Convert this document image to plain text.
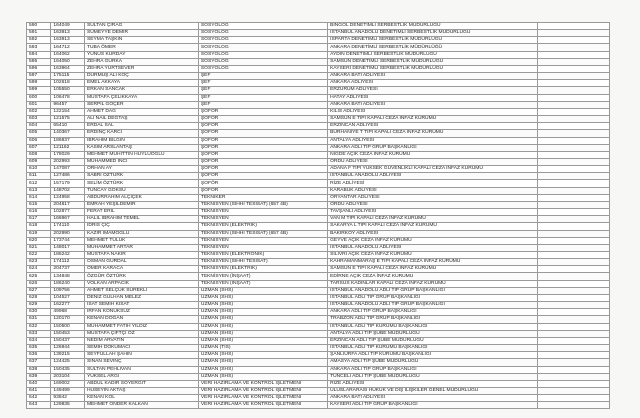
590	164049	SULTAN ÇIRAĞ	SOSYOLOG	BİNGÖL DENETİMLİ SERBESTLİK MÜDÜRLÜĞÜ	
591	163913	SÜMEYYE DEMİR	SOSYOLOG	İSTANBUL ANADOLU DENETİMLİ SERBESTLİK MÜDÜRLÜĞÜ	
592	163913	SEYMA TAŞKIN	SOSYOLOG	ISPARTA DENETİMLİ SERBESTLİK MÜDÜRLÜĞÜ	
593	164712	TUBA ÖMER	SOSYOLOG	ANKARA DENETİMLİ SERBESTLİK MÜDÜRLÜĞÜ	
594	164062	YUNUS KURDAY	SOSYOLOG	AYDIN DENETİMLİ SERBESTLİK MÜDÜRLÜĞÜ	
595	164050	ZEHRA GÜRKA	SOSYOLOG	SAMSUN DENETİMLİ SERBESTLİK MÜDÜRLÜĞÜ	
596	163964	ZEHRA YURTSEVER	SOSYOLOG	KAYSERİ DENETİMLİ SERBESTLİK MÜDÜRLÜĞÜ	
597	175115	DURMUŞ ALİ KOÇ	ŞEF	ANKARA BATI ADLİYESİ	
598	102618	EMEL AKKAYA	ŞEF	ANKARA ADLİYESİ	
599	105550	ERKAN SANCAK	ŞEF	ERZURUM ADLİYESİ	
600	106478	MUSTAFA ÇELİKKAYA	ŞEF	HATAY ADLİYESİ	
601	96457	SERPİL GÖÇER	ŞEF	ANKARA BATI ADLİYESİ	
602	122154	AHMET DAĞ	ŞOFÖR	KİLİS ADLİYESİ	
603	121575	ALİ NAİL DEĞTAŞ	ŞOFÖR	SAMSUN E TİPİ KAPALI CEZA İNFAZ KURUMU	
604	65410	ERDAL SAL	ŞOFÖR	ERZİNCAN ADLİYESİ	
605	140367	ERDİNÇ KARCI	ŞOFÖR	BURHANİYE T TİPİ KAPALI CEZA İNFAZ KURUMU	
606	186837	İBRAHİM BİLGİN	ŞOFÖR	ANTALYA ADLİYESİ	
607	121162	KASIM ARSLANTAŞ	ŞOFÖR	ANKARA ADLİ TIP GRUP BAŞKANLIĞI	
608	178029	MEHMET MUHİTTİN HUYLUOĞLU	ŞOFÖR	NİĞDE AÇIK CEZA İNFAZ KURUMU	
609	202993	MUHAMMED İNCİ	ŞOFÖR	ORDU ADLİYESİ	
610	147087	ORHAN AY	ŞOFÖR	ADANA F TİPİ YÜKSEK GÜVENLİKLİ KAPALI CEZA İNFAZ KURUMU	
611	127486	SABRİ ÖZTÜRK	ŞOFÖR	İSTANBUL ANADOLU ADLİYESİ	
612	157179	SELİM ÖZTÜRK	ŞOFÖR	RİZE ADLİYESİ	
613	148702	TUNCAY GÖKSU	ŞOFÖR	KARABÜK ADLİYESİ	
614	124958	ABDURRAHİM ALÇİÇEK	TEKNİKER	ORYANTAR ADLİYESİ	
615	204817	EMRAH YEŞİLDEMİR	TEKNİSYEN (SIHHİ TESİSAT) (657 4B)	ORDU ADLİYESİ	
616	102877	FERAT ERİL	TEKNİSYEN	TAVŞANLI ADLİYESİ	
617	166967	HALİL İBRAHİM TEMEL	TEKNİSYEN	VAN M TİPİ KAPALI CEZA İNFAZ KURUMU	
618	174110	İDRİS ÇİÇ	TEKNİSYEN (ELEKTRİK)	SAKARYA L TİPİ KAPALI CEZA İNFAZ KURUMU	
619	202990	KAZIR İMAMOĞLU	TEKNİSYEN (SIHHİ TESİSAT) (657 4B)	BAKIRKÖY ADLİYESİ	
620	173744	MEHMET TULUK	TEKNİSYEN	GEYVE AÇIK CEZA İNFAZ KURUMU	
621	148017	MUHAMMET ARTAR	TEKNİSYEN	İSTANBUL ANADOLU ADLİYESİ	
622	186242	MUSTAFA NAKİR	TEKNİSYEN (ELEKTRONİK)	SİLİVRİ AÇIK CEZA İNFAZ KURUMU	
623	174112	OSMAN GÜRDAL	TEKNİSYEN (SIHHİ TESİSAT)	KAHRAMANMARAŞ E TİPİ KAPALI CEZA İNFAZ KURUMU	
624	204737	ÖMER KARACA	TEKNİSYEN (ELEKTRİK)	SAMSUN E TİPİ KAPALI CEZA İNFAZ KURUMU	
625	134848	ÖZGÜR ÖZTÜRK	TEKNİSYEN (İNŞAAT)	EDİRNE AÇIK CEZA İNFAZ KURUMU	
626	186240	VOLKAN ARPACIK	TEKNİSYEN (İNŞAAT)	TARSUS KADINLAR KAPALI CEZA İNFAZ KURUMU	
627	109756	AHMET SELÇUK SÜREKLİ	UZMAN (SHS)	İSTANBUL ANADOLU ADLİ TIP GRUP BAŞKANLIĞI	
628	104527	DENİZ GÜLHAN MELEZ	UZMAN (SHS)	İSTANBUL ADLİ TIP GRUP BAŞKANLIĞI	
629	162277	İSAT SEMİH KİSAT	UZMAN (SHS)	İSTANBUL ANADOLU ADLİ TIP GRUP BAŞKANLIĞI	
630	49968	İRFAN KONUKSUZ	UZMAN (SHS)	ANKARA ADLİ TIP GRUP BAŞKANLIĞI	
631	120170	KENAN DOĞAN	UZMAN (SHS)	TRABZON ADLİ TIP GRUP BAŞKANLIĞI	
632	150500	MUHAMMET FATİH YILDIZ	UZMAN (SHS)	İSTANBUL ADLİ TIP KURUMU BAŞKANLIĞI	
633	150453	MUSTAFA ÇİFTÇİ ÖZ	UZMAN (SHS)	ANTALYA ADLİ TIP ŞUBE MÜDÜRLÜĞÜ	
634	150437	NEDİM ARVATİN	UZMAN (SHS)	ERZİNCAN ADLİ TIP ŞUBE MÜDÜRLÜĞÜ	
635	126944	SEMİH DOKUMACI	UZMAN (TIS)	İSTANBUL ADLİ TIP KURUMU BAŞKANLIĞI	
636	139215	SEYFULLAH ŞAHİN	UZMAN (SHS)	ŞANLIURFA ADLİ TIP KURUMU BAŞKANLIĞI	
637	124425	SİNAN SEVİNÇ	UZMAN (SHS)	AMASYA ADLİ TIP ŞUBE MÜDÜRLÜĞÜ	
638	150435	SULTAN PEHLİVAN	UZMAN (SHS)	ANKARA ADLİ TIP GRUP BAŞKANLIĞI	
639	203104	YÜKSEL ARGİ	UZMAN (SHS)	TUNCELİ ADLİ TIP ŞUBE MÜDÜRLÜĞÜ	
640	169002	ABDUL KADİR SOYERGİT	VERİ HAZIRLAMA VE KONTROL İŞLETMENİ	RİZE ADLİYESİ	
641	149499	HÜSEYİN AKTAŞ	VERİ HAZIRLAMA VE KONTROL İŞLETMENİ	ULUSLARARASI HUKUK VE DIŞ İLİŞKİLER GENEL MÜDÜRLÜĞÜ	
642	93842	KENAN KOL	VERİ HAZIRLAMA VE KONTROL İŞLETMENİ	ANKARA BATI ADLİYESİ	
643	129835	MEHMET ÖNDER KALKAN	VERİ HAZIRLAMA VE KONTROL İŞLETMENİ	KAYSERİ ADLİ TIP GRUP BAŞKANLIĞI	
